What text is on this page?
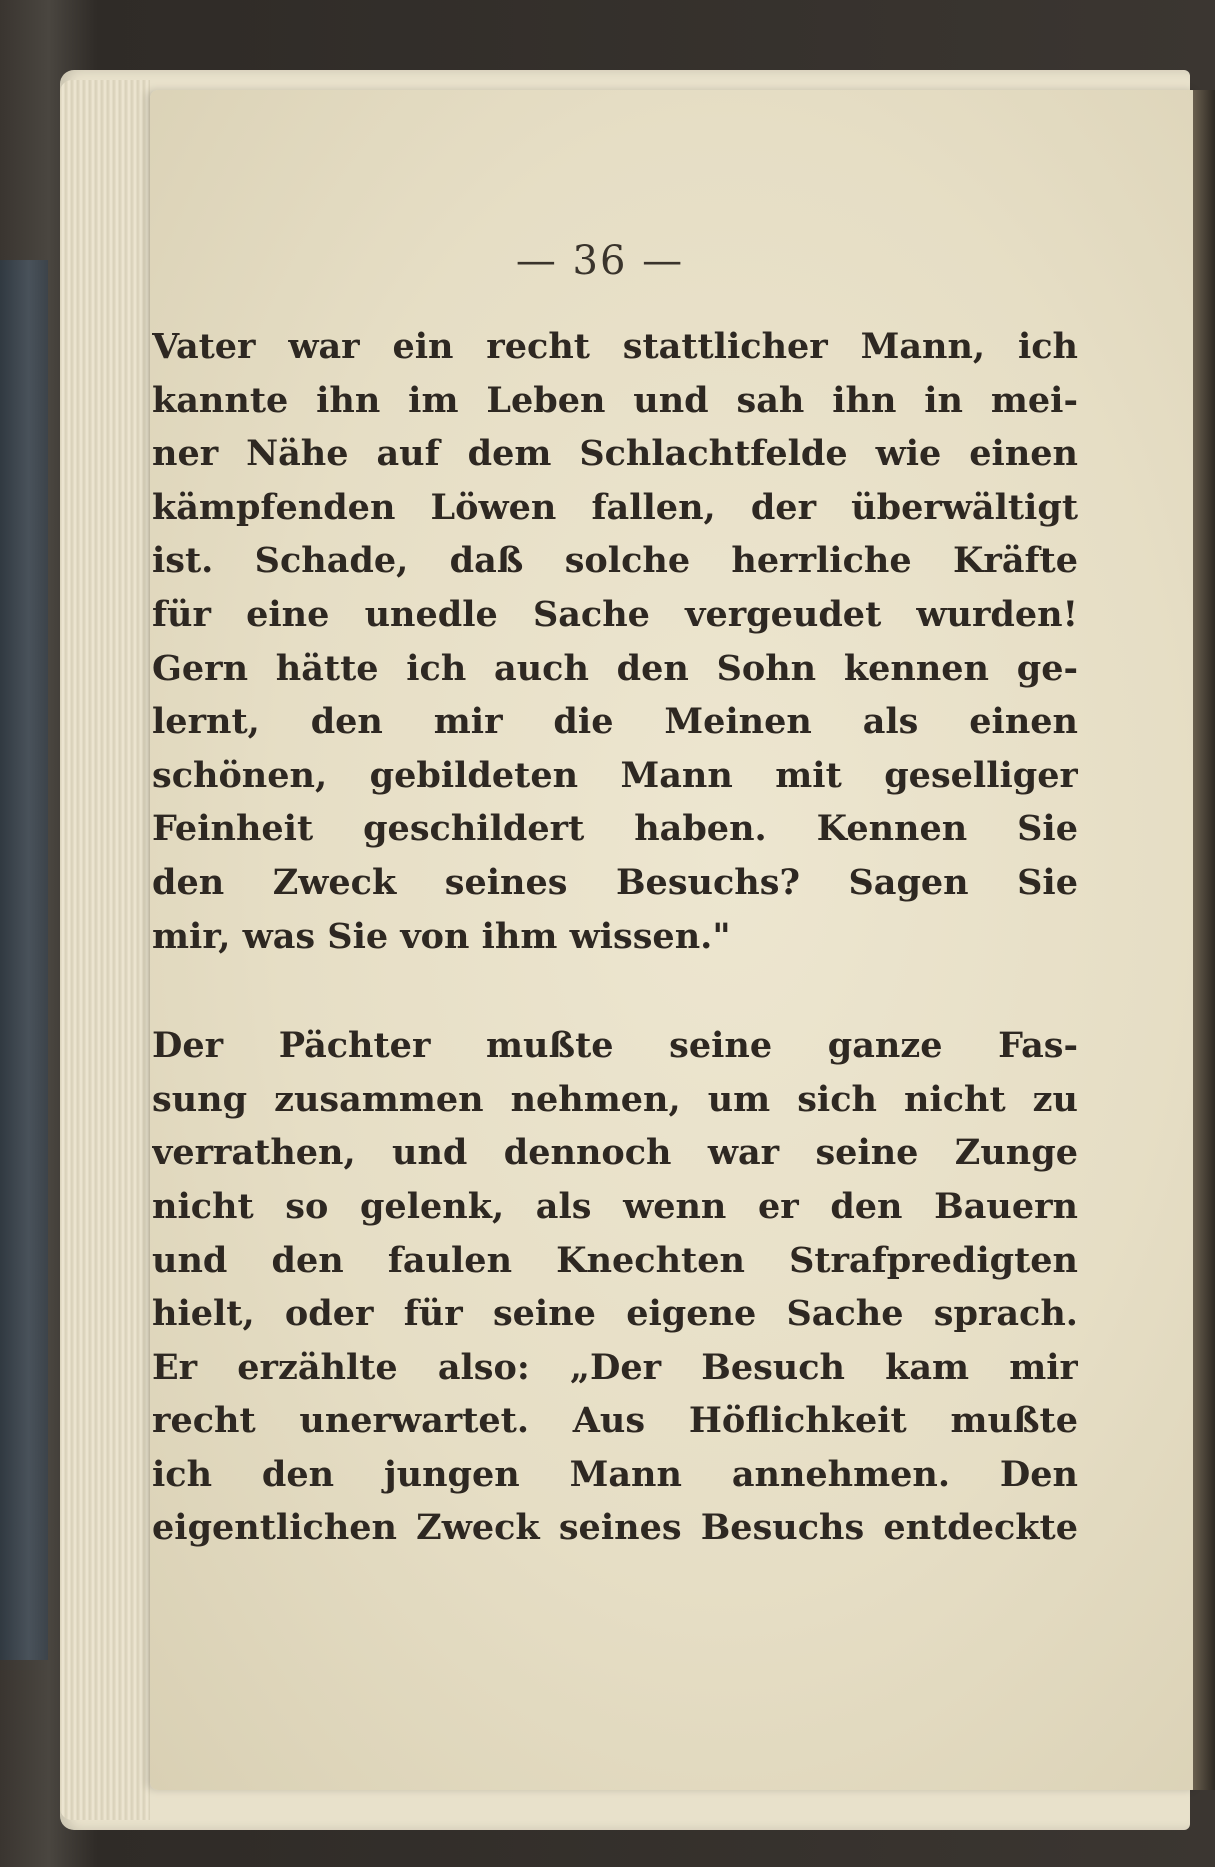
— 36 —
Vater war ein recht stattlicher Mann, ich
kannte ihn im Leben und sah ihn in mei-
ner Nähe auf dem Schlachtfelde wie einen
kämpfenden Löwen fallen, der überwältigt
ist. Schade, daß solche herrliche Kräfte
für eine unedle Sache vergeudet wurden!
Gern hätte ich auch den Sohn kennen ge-
lernt, den mir die Meinen als einen
schönen, gebildeten Mann mit geselliger
Feinheit geschildert haben. Kennen Sie
den Zweck seines Besuchs? Sagen Sie
mir, was Sie von ihm wissen."
Der Pächter mußte seine ganze Fas-
sung zusammen nehmen, um sich nicht zu
verrathen, und dennoch war seine Zunge
nicht so gelenk, als wenn er den Bauern
und den faulen Knechten Strafpredigten
hielt, oder für seine eigene Sache sprach.
Er erzählte also: „Der Besuch kam mir
recht unerwartet. Aus Höflichkeit mußte
ich den jungen Mann annehmen. Den
eigentlichen Zweck seines Besuchs entdeckte
